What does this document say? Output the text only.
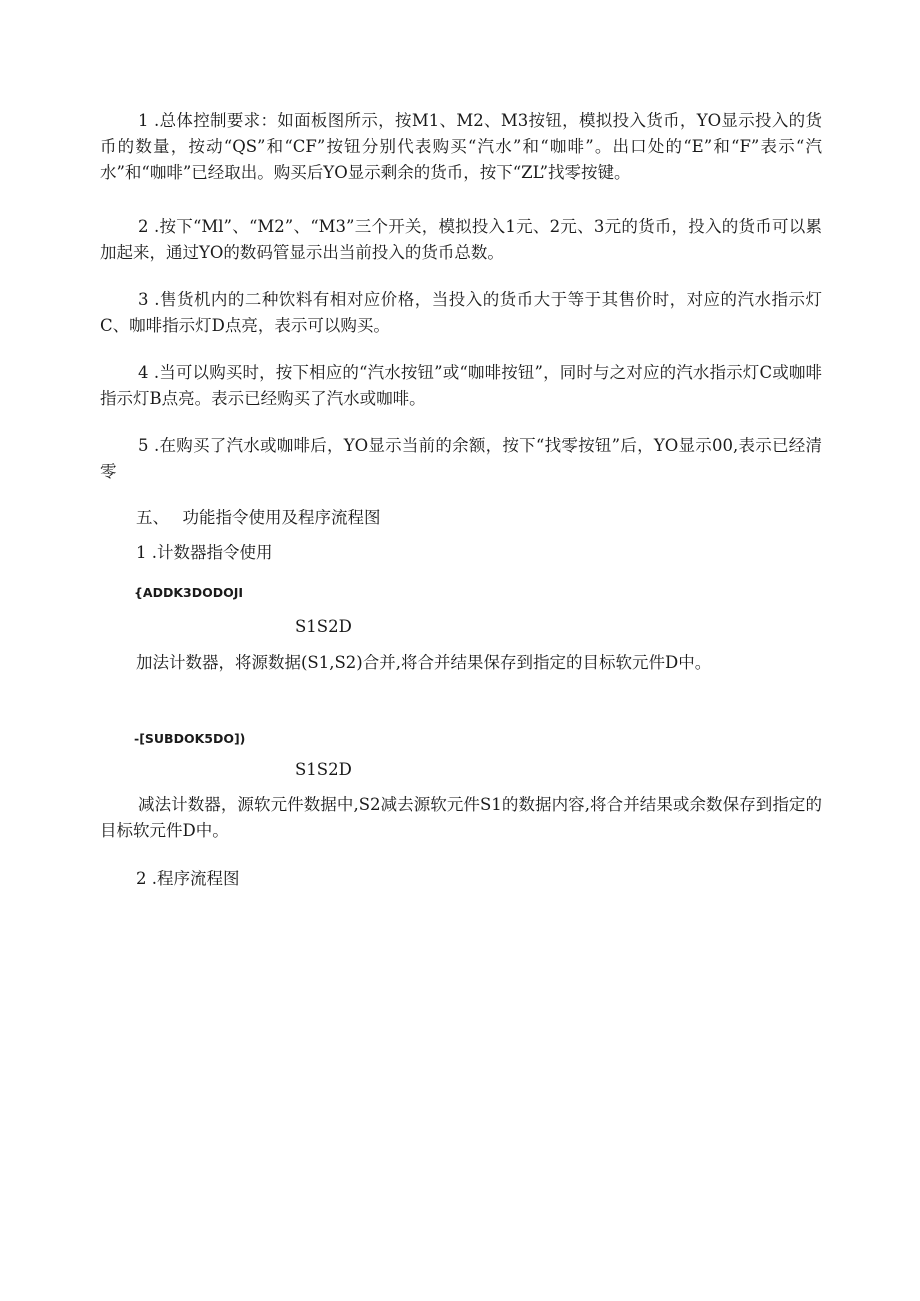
1 .总体控制要求：如面板图所示，按M1、M2、M3按钮，模拟投入货币，YO显示投入的货币的数量，按动“QS”和“CF”按钮分别代表购买“汽水”和“咖啡”。出口处的“E”和“F”表示“汽水”和“咖啡”已经取出。购买后YO显示剩余的货币，按下“ZL”找零按键。

2 .按下“Ml”、“M2”、“M3”三个开关，模拟投入1元、2元、3元的货币，投入的货币可以累加起来，通过YO的数码管显示出当前投入的货币总数。

3 .售货机内的二种饮料有相对应价格，当投入的货币大于等于其售价时，对应的汽水指示灯C、咖啡指示灯D点亮，表示可以购买。

4 .当可以购买时，按下相应的“汽水按钮”或“咖啡按钮”，同时与之对应的汽水指示灯C或咖啡指示灯B点亮。表示已经购买了汽水或咖啡。

5 .在购买了汽水或咖啡后，YO显示当前的余额，按下“找零按钮”后，YO显示00,表示已经清零

五、　 功能指令使用及程序流程图

1 .计数器指令使用

{ADDK3DODOJI

S1S2D

加法计数器，将源数据(S1,S2)合并,将合并结果保存到指定的目标软元件D中。

-[SUBDOK5DO])

S1S2D

减法计数器，源软元件数据中,S2减去源软元件S1的数据内容,将合并结果或余数保存到指定的目标软元件D中。

2 .程序流程图
